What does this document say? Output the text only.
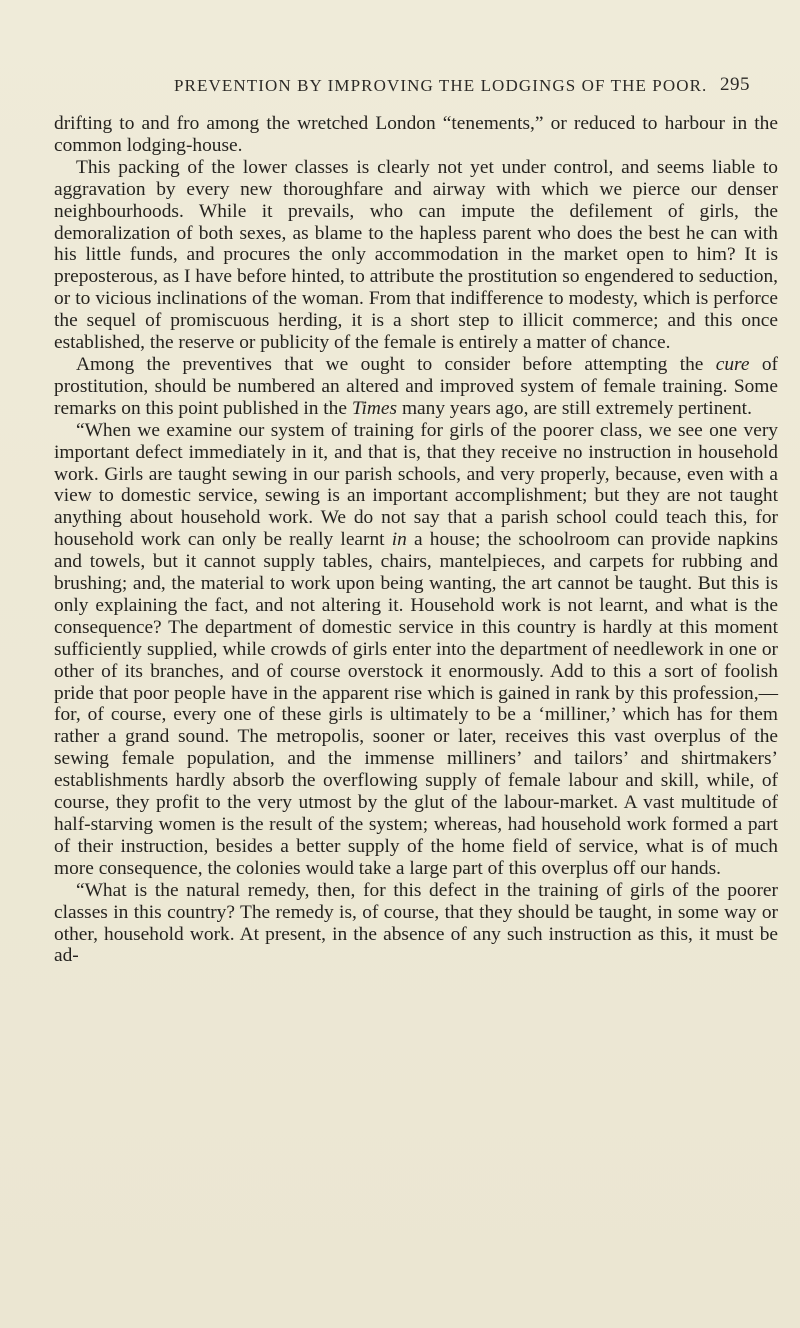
PREVENTION BY IMPROVING THE LODGINGS OF THE POOR. 295

drifting to and fro among the wretched London “tenements,” or reduced to harbour in the common lodging-house.

This packing of the lower classes is clearly not yet under control, and seems liable to aggravation by every new thoroughfare and airway with which we pierce our denser neighbourhoods. While it prevails, who can impute the defilement of girls, the demoralization of both sexes, as blame to the hapless parent who does the best he can with his little funds, and procures the only accommodation in the market open to him? It is preposterous, as I have before hinted, to attribute the prostitution so engendered to seduction, or to vicious inclinations of the woman. From that indifference to modesty, which is perforce the sequel of promiscuous herding, it is a short step to illicit commerce; and this once established, the reserve or publicity of the female is entirely a matter of chance.

Among the preventives that we ought to consider before attempting the cure of prostitution, should be numbered an altered and improved system of female training. Some remarks on this point published in the Times many years ago, are still extremely pertinent.

“When we examine our system of training for girls of the poorer class, we see one very important defect immediately in it, and that is, that they receive no instruction in household work. Girls are taught sewing in our parish schools, and very properly, because, even with a view to domestic service, sewing is an important accomplishment; but they are not taught anything about household work. We do not say that a parish school could teach this, for household work can only be really learnt in a house; the schoolroom can provide napkins and towels, but it cannot supply tables, chairs, mantelpieces, and carpets for rubbing and brushing; and, the material to work upon being wanting, the art cannot be taught. But this is only explaining the fact, and not altering it. Household work is not learnt, and what is the consequence? The department of domestic service in this country is hardly at this moment sufficiently supplied, while crowds of girls enter into the department of needlework in one or other of its branches, and of course overstock it enormously. Add to this a sort of foolish pride that poor people have in the apparent rise which is gained in rank by this profession,—for, of course, every one of these girls is ultimately to be a ‘milliner,’ which has for them rather a grand sound. The metropolis, sooner or later, receives this vast overplus of the sewing female population, and the immense milliners’ and tailors’ and shirtmakers’ establishments hardly absorb the overflowing supply of female labour and skill, while, of course, they profit to the very utmost by the glut of the labour-market. A vast multitude of half-starving women is the result of the system; whereas, had household work formed a part of their instruction, besides a better supply of the home field of service, what is of much more consequence, the colonies would take a large part of this overplus off our hands.

“What is the natural remedy, then, for this defect in the training of girls of the poorer classes in this country? The remedy is, of course, that they should be taught, in some way or other, household work. At present, in the absence of any such instruction as this, it must be ad-
